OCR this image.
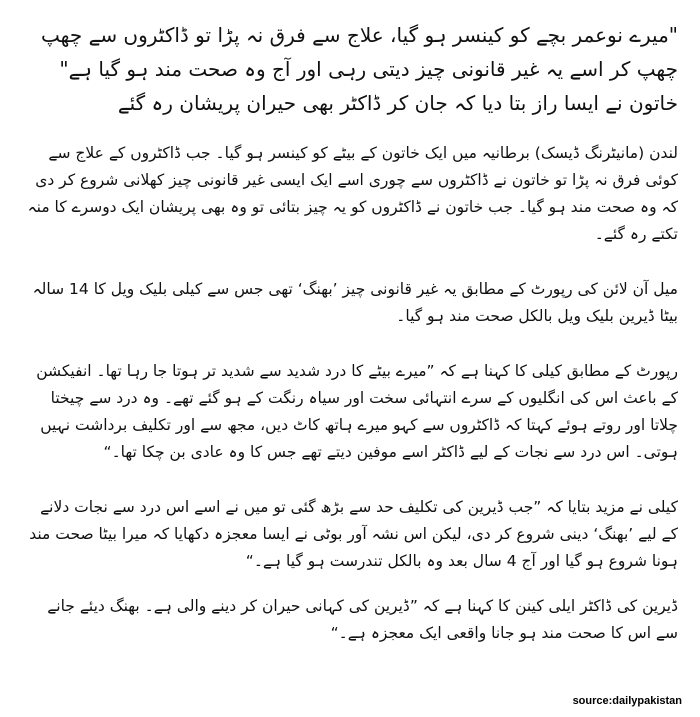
"میرے نوعمر بچے کو کینسر ہو گیا، علاج سے فرق نہ پڑا تو ڈاکٹروں سے چھپ چھپ کر اسے یہ غیر قانونی چیز دیتی رہی اور آج وہ صحت مند ہو گیا ہے" خاتون نے ایسا راز بتا دیا کہ جان کر ڈاکٹر بھی حیران پریشان رہ گئے

لندن (مانیٹرنگ ڈیسک) برطانیہ میں ایک خاتون کے بیٹے کو کینسر ہو گیا۔ جب ڈاکٹروں کے علاج سے کوئی فرق نہ پڑا تو خاتون نے ڈاکٹروں سے چوری اسے ایک ایسی غیر قانونی چیز کھلانی شروع کر دی کہ وہ صحت مند ہو گیا۔ جب خاتون نے ڈاکٹروں کو یہ چیز بتائی تو وہ بھی پریشان ایک دوسرے کا منہ تکتے رہ گئے۔

میل آن لائن کی رپورٹ کے مطابق یہ غیر قانونی چیز ’بھنگ‘ تھی جس سے کیلی بلیک ویل کا 14 سالہ بیٹا ڈیرین بلیک ویل بالکل صحت مند ہو گیا۔

رپورٹ کے مطابق کیلی کا کہنا ہے کہ ”میرے بیٹے کا درد شدید سے شدید تر ہوتا جا رہا تھا۔ انفیکشن کے باعث اس کی انگلیوں کے سرے انتہائی سخت اور سیاہ رنگت کے ہو گئے تھے۔ وہ درد سے چیختا چلاتا اور روتے ہوئے کہتا کہ ڈاکٹروں سے کہو میرے ہاتھ کاٹ دیں، مجھ سے اور تکلیف برداشت نہیں ہوتی۔ اس درد سے نجات کے لیے ڈاکٹر اسے موفین دیتے تھے جس کا وہ عادی بن چکا تھا۔“

کیلی نے مزید بتایا کہ ”جب ڈیرین کی تکلیف حد سے بڑھ گئی تو میں نے اسے اس درد سے نجات دلانے کے لیے ’بھنگ‘ دینی شروع کر دی، لیکن اس نشہ آور بوٹی نے ایسا معجزہ دکھایا کہ میرا بیٹا صحت مند ہونا شروع ہو گیا اور آج 4 سال بعد وہ بالکل تندرست ہو گیا ہے۔“

ڈیرین کی ڈاکٹر ایلی کینن کا کہنا ہے کہ ”ڈیرین کی کہانی حیران کر دینے والی ہے۔ بھنگ دیئے جانے سے اس کا صحت مند ہو جانا واقعی ایک معجزہ ہے۔“

source:dailypakistan
